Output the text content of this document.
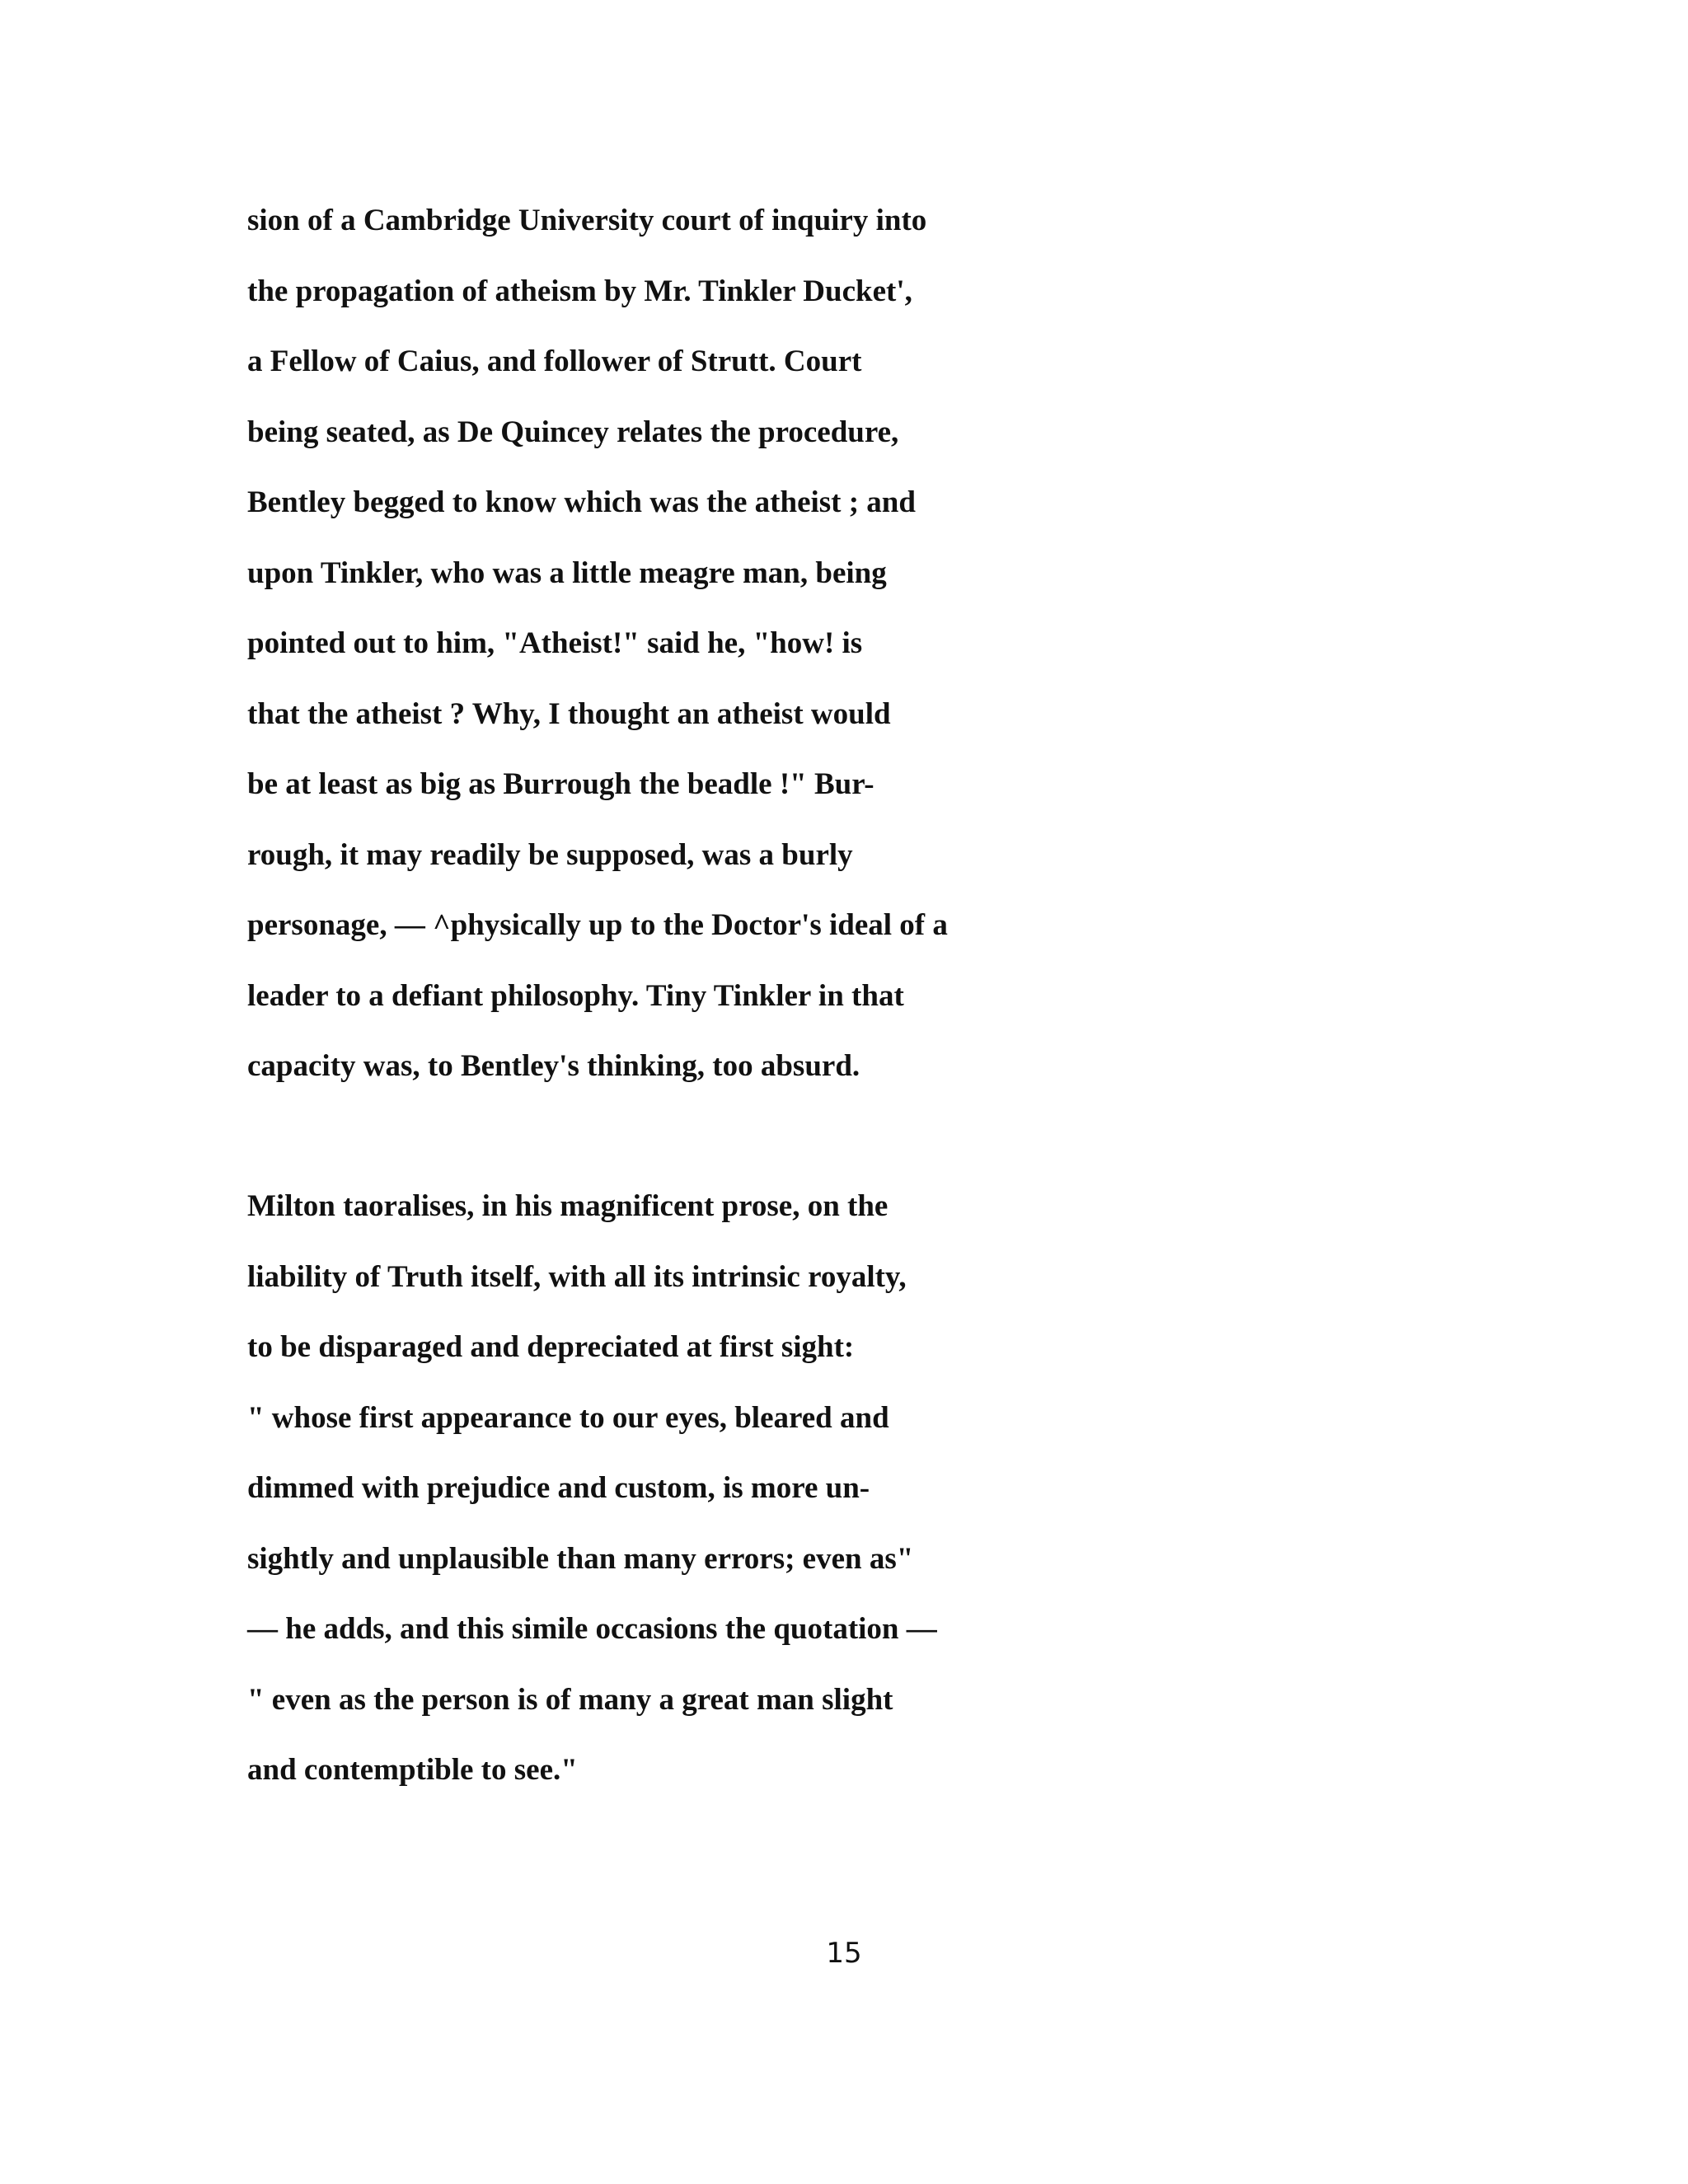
sion of a Cambridge University court of inquiry into
the propagation of atheism by Mr. Tinkler Ducket',
a Fellow of Caius, and follower of Strutt. Court
being seated, as De Quincey relates the procedure,
Bentley begged to know which was the atheist ; and
upon Tinkler, who was a little meagre man, being
pointed out to him, "Atheist!" said he, "how! is
that the atheist ? Why, I thought an atheist would
be at least as big as Burrough the beadle !" Bur-
rough, it may readily be supposed, was a burly
personage, — ^physically up to the Doctor's ideal of a
leader to a defiant philosophy. Tiny Tinkler in that
capacity was, to Bentley's thinking, too absurd.
Milton taoralises, in his magnificent prose, on the
liability of Truth itself, with all its intrinsic royalty,
to be disparaged and depreciated at first sight:
" whose first appearance to our eyes, bleared and
dimmed with prejudice and custom, is more un-
sightly and unplausible than many errors; even as"
— he adds, and this simile occasions the quotation —
" even as the person is of many a great man slight
and contemptible to see."
15
